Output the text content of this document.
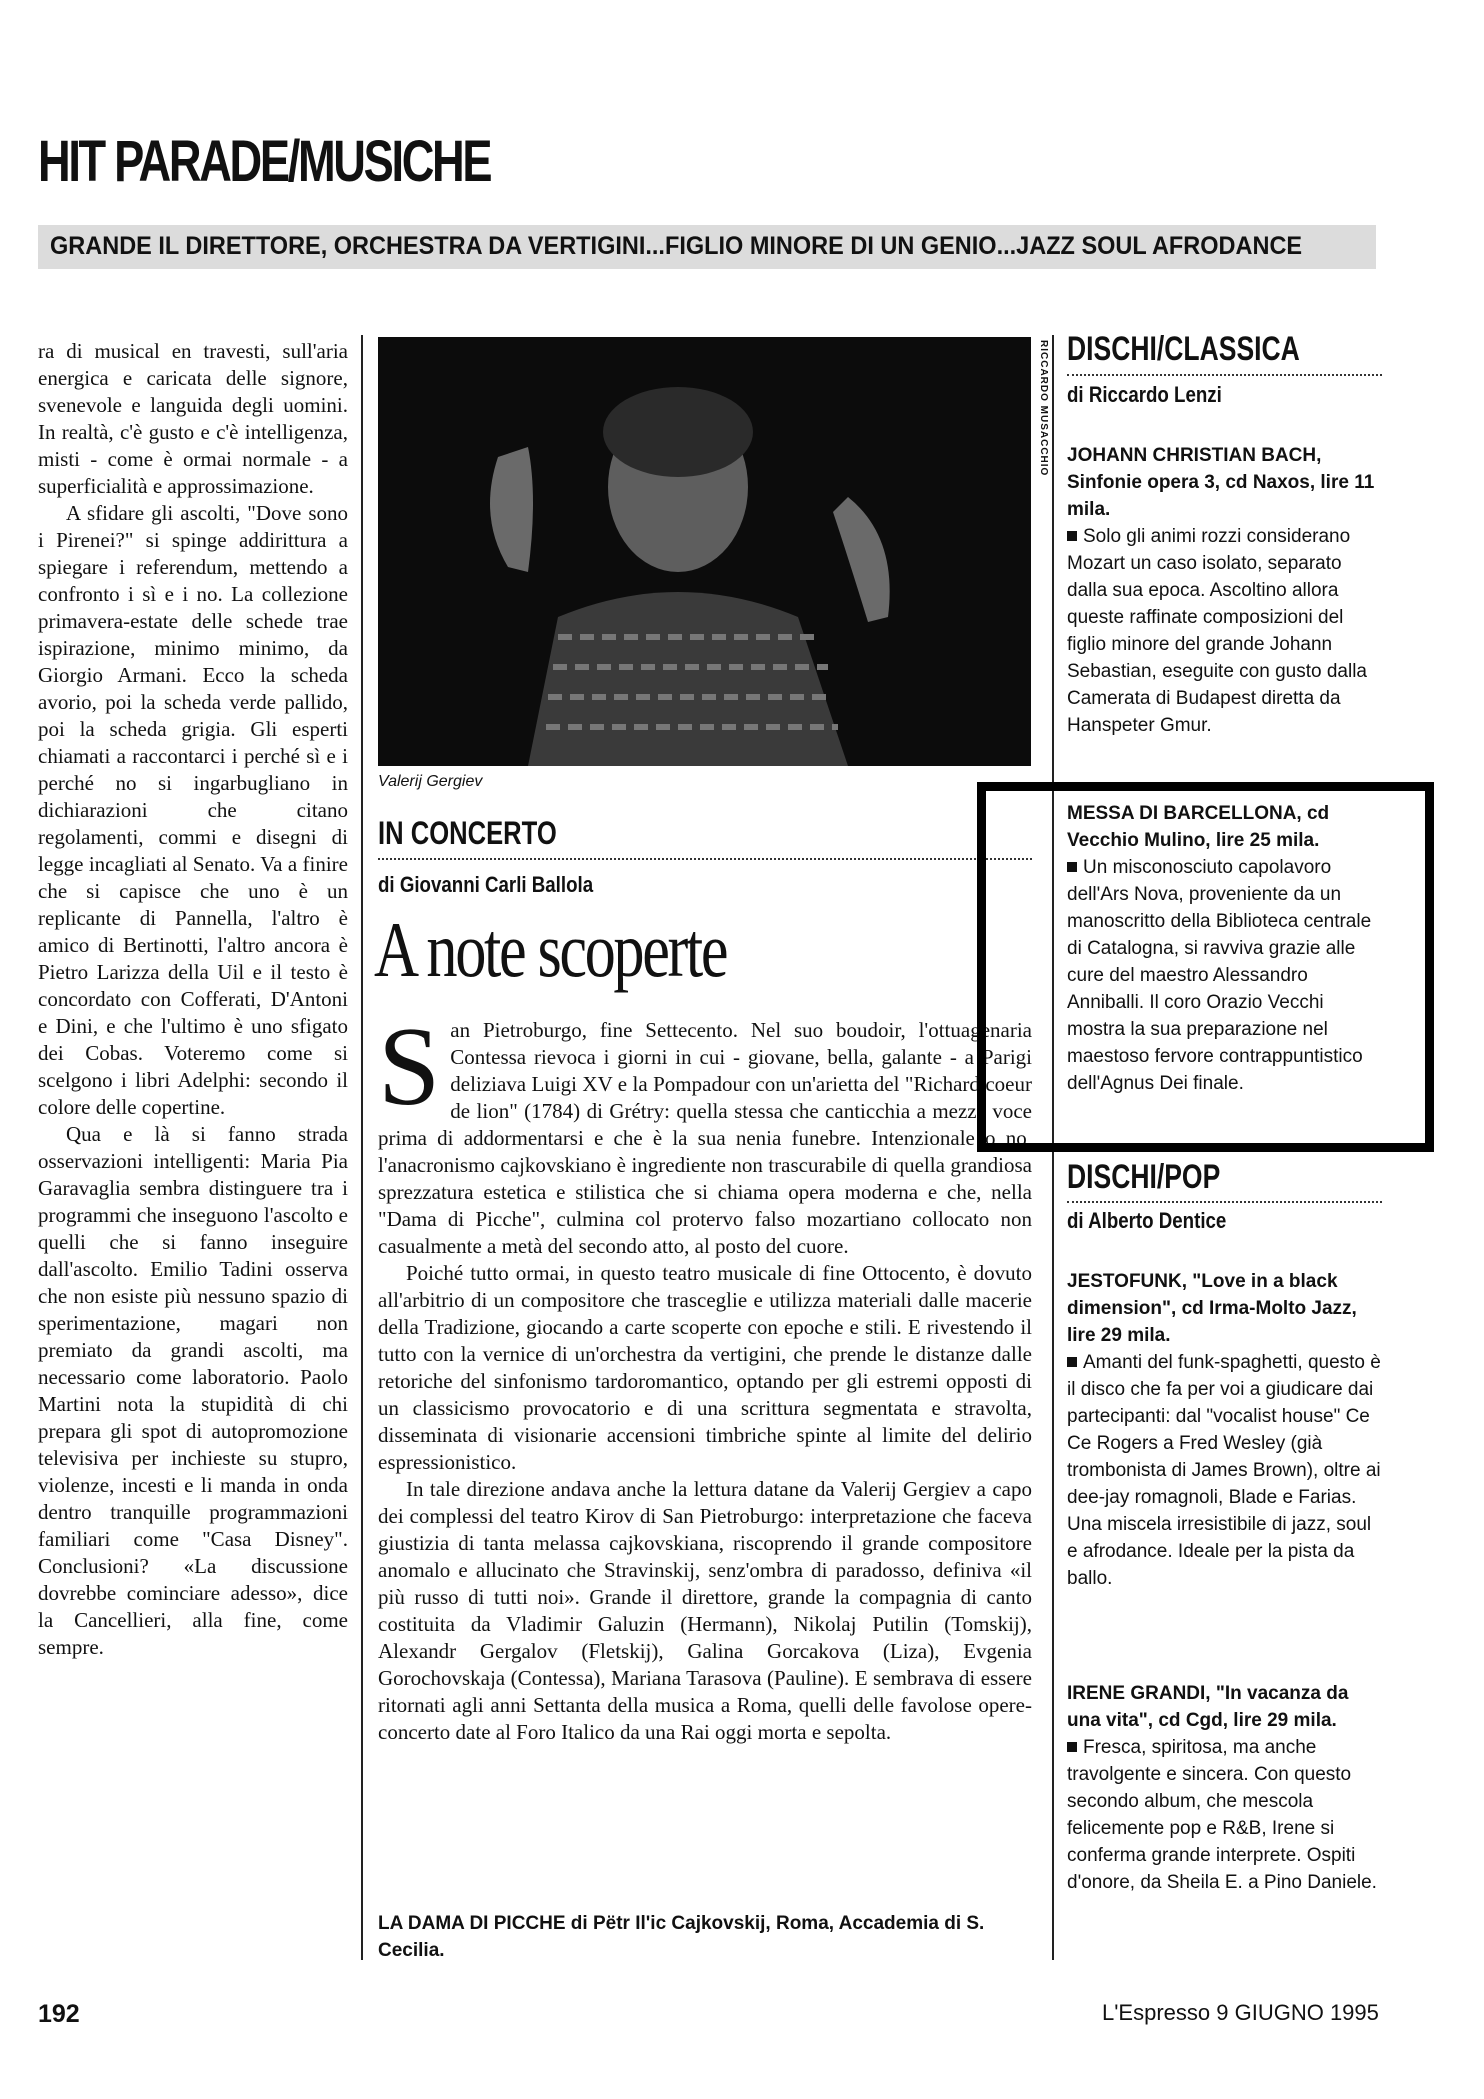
HIT PARADE/MUSICHE
GRANDE IL DIRETTORE, ORCHESTRA DA VERTIGINI...FIGLIO MINORE DI UN GENIO...JAZZ SOUL AFRODANCE

ra di musical en travesti, sull'aria energica e caricata delle signore, svenevole e languida degli uomini. In realtà, c'è gusto e c'è intelligenza, misti - come è ormai normale - a superficialità e approssimazione.

A sfidare gli ascolti, "Dove sono i Pirenei?" si spinge addirittura a spiegare i referendum, mettendo a confronto i sì e i no. La collezione primavera-estate delle schede trae ispirazione, minimo minimo, da Giorgio Armani. Ecco la scheda avorio, poi la scheda verde pallido, poi la scheda grigia. Gli esperti chiamati a raccontarci i perché sì e i perché no si ingarbugliano in dichiarazioni che citano regolamenti, commi e disegni di legge incagliati al Senato. Va a finire che si capisce che uno è un replicante di Pannella, l'altro è amico di Bertinotti, l'altro ancora è Pietro Larizza della Uil e il testo è concordato con Cofferati, D'Antoni e Dini, e che l'ultimo è uno sfigato dei Cobas. Voteremo come si scelgono i libri Adelphi: secondo il colore delle copertine.

Qua e là si fanno strada osservazioni intelligenti: Maria Pia Garavaglia sembra distinguere tra i programmi che inseguono l'ascolto e quelli che si fanno inseguire dall'ascolto. Emilio Tadini osserva che non esiste più nessuno spazio di sperimentazione, magari non premiato da grandi ascolti, ma necessario come laboratorio. Paolo Martini nota la stupidità di chi prepara gli spot di autopromozione televisiva per inchieste su stupro, violenze, incesti e li manda in onda dentro tranquille programmazioni familiari come "Casa Disney". Conclusioni? «La discussione dovrebbe cominciare adesso», dice la Cancellieri, alla fine, come sempre.

RICCARDO MUSACCHIO
Valerij Gergiev
IN CONCERTO
di Giovanni Carli Ballola
A note scoperte

San Pietroburgo, fine Settecento. Nel suo boudoir, l'ottuagenaria Contessa rievoca i giorni in cui - giovane, bella, galante - a Parigi deliziava Luigi XV e la Pompadour con un'arietta del "Richard coeur de lion" (1784) di Grétry: quella stessa che canticchia a mezza voce prima di addormentarsi e che è la sua nenia funebre. Intenzionale o no, l'anacronismo cajkovskiano è ingrediente non trascurabile di quella grandiosa sprezzatura estetica e stilistica che si chiama opera moderna e che, nella "Dama di Picche", culmina col protervo falso mozartiano collocato non casualmente a metà del secondo atto, al posto del cuore.

Poiché tutto ormai, in questo teatro musicale di fine Ottocento, è dovuto all'arbitrio di un compositore che trasceglie e utilizza materiali dalle macerie della Tradizione, giocando a carte scoperte con epoche e stili. E rivestendo il tutto con la vernice di un'orchestra da vertigini, che prende le distanze dalle retoriche del sinfonismo tardoromantico, optando per gli estremi opposti di un classicismo provocatorio e di una scrittura segmentata e stravolta, disseminata di visionarie accensioni timbriche spinte al limite del delirio espressionistico.

In tale direzione andava anche la lettura datane da Valerij Gergiev a capo dei complessi del teatro Kirov di San Pietroburgo: interpretazione che faceva giustizia di tanta melassa cajkovskiana, riscoprendo il grande compositore anomalo e allucinato che Stravinskij, senz'ombra di paradosso, definiva «il più russo di tutti noi». Grande il direttore, grande la compagnia di canto costituita da Vladimir Galuzin (Hermann), Nikolaj Putilin (Tomskij), Alexandr Gergalov (Fletskij), Galina Gorcakova (Liza), Evgenia Gorochovskaja (Contessa), Mariana Tarasova (Pauline). E sembrava di essere ritornati agli anni Settanta della musica a Roma, quelli delle favolose opere-concerto date al Foro Italico da una Rai oggi morta e sepolta.

LA DAMA DI PICCHE di Pëtr Il'ic Cajkovskij, Roma, Accademia di S. Cecilia.
DISCHI/CLASSICA
di Riccardo Lenzi
JOHANN CHRISTIAN BACH, Sinfonie opera 3, cd Naxos, lire 11 mila.
Solo gli animi rozzi considerano Mozart un caso isolato, separato dalla sua epoca. Ascoltino allora queste raffinate composizioni del figlio minore del grande Johann Sebastian, eseguite con gusto dalla Camerata di Budapest diretta da Hanspeter Gmur.
MESSA DI BARCELLONA, cd Vecchio Mulino, lire 25 mila.
Un misconosciuto capolavoro dell'Ars Nova, proveniente da un manoscritto della Biblioteca centrale di Catalogna, si ravviva grazie alle cure del maestro Alessandro Anniballi. Il coro Orazio Vecchi mostra la sua preparazione nel maestoso fervore contrappuntistico dell'Agnus Dei finale.
DISCHI/POP
di Alberto Dentice
JESTOFUNK, "Love in a black dimension", cd Irma-Molto Jazz, lire 29 mila.
Amanti del funk-spaghetti, questo è il disco che fa per voi a giudicare dai partecipanti: dal "vocalist house" Ce Ce Rogers a Fred Wesley (già trombonista di James Brown), oltre ai dee-jay romagnoli, Blade e Farias. Una miscela irresistibile di jazz, soul e afrodance. Ideale per la pista da ballo.
IRENE GRANDI, "In vacanza da una vita", cd Cgd, lire 29 mila.
Fresca, spiritosa, ma anche travolgente e sincera. Con questo secondo album, che mescola felicemente pop e R&B, Irene si conferma grande interprete. Ospiti d'onore, da Sheila E. a Pino Daniele.
192	L'Espresso 9 GIUGNO 1995
